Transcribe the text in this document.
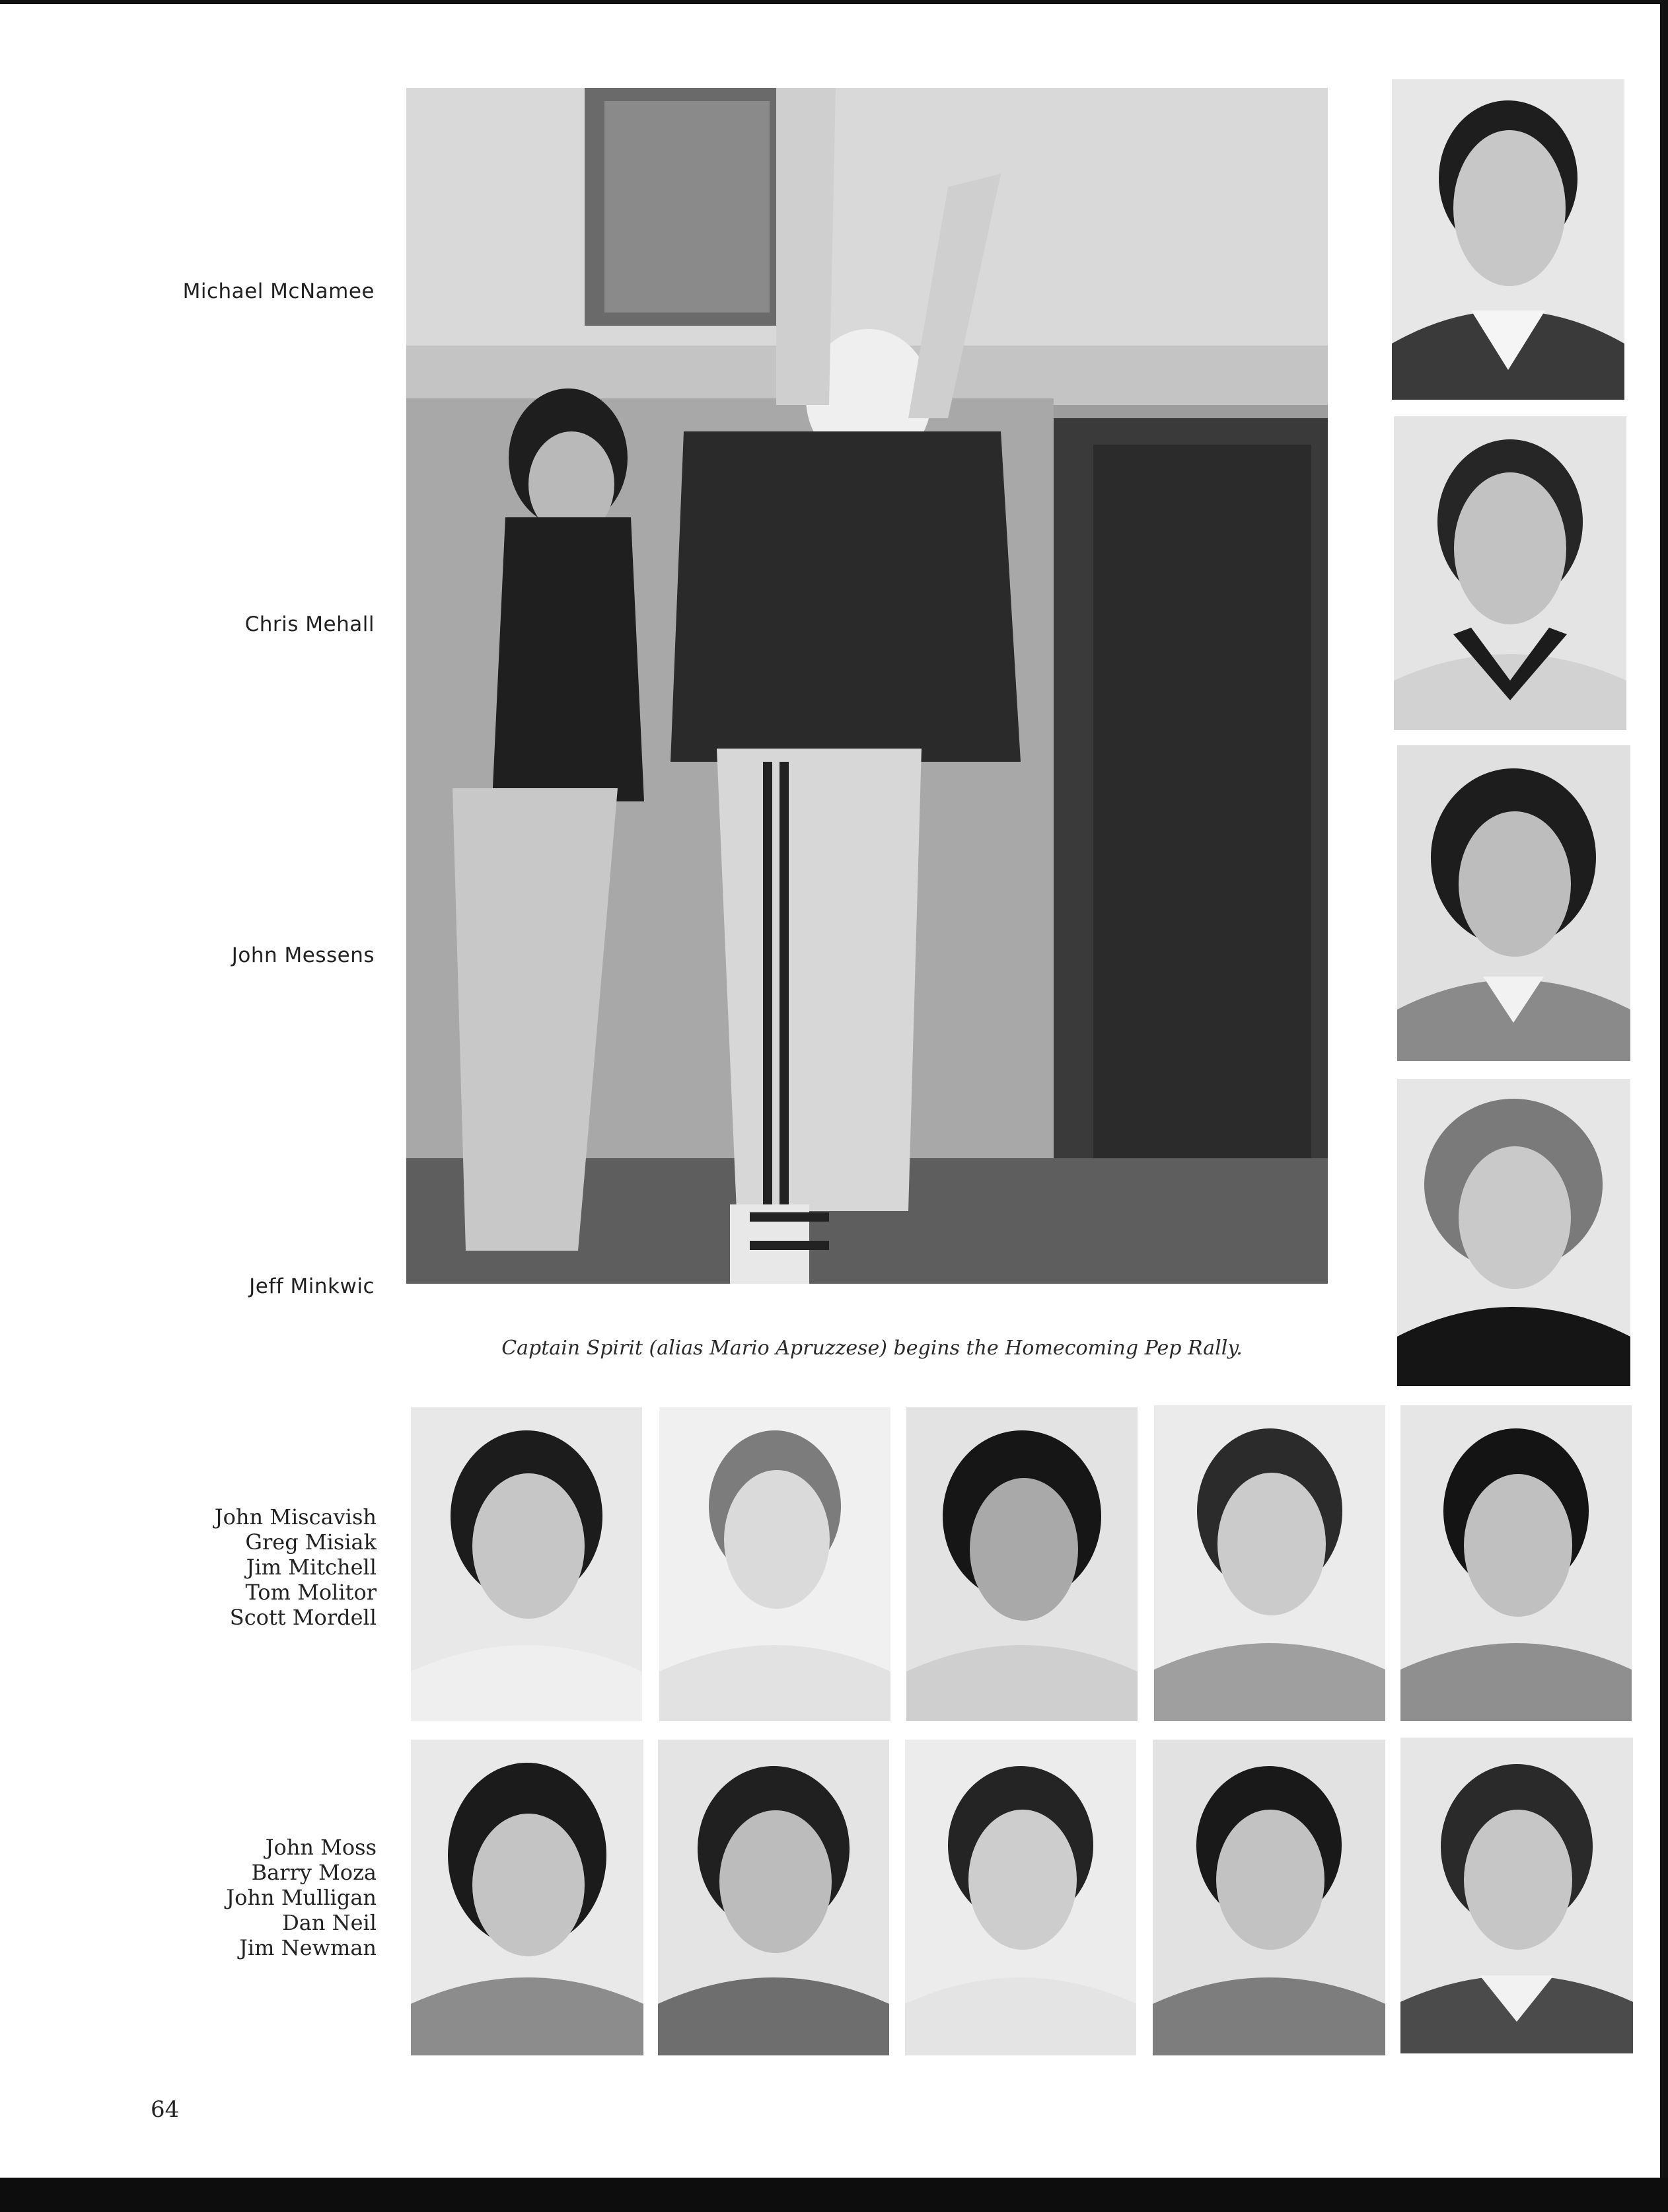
Michael McNamee
Chris Mehall
John Messens
Jeff Minkwic
Captain Spirit (alias Mario Apruzzese) begins the Homecoming Pep Rally.
John Miscavish
Greg Misiak
Jim Mitchell
Tom Molitor
Scott Mordell
John Moss
Barry Moza
John Mulligan
Dan Neil
Jim Newman
64
